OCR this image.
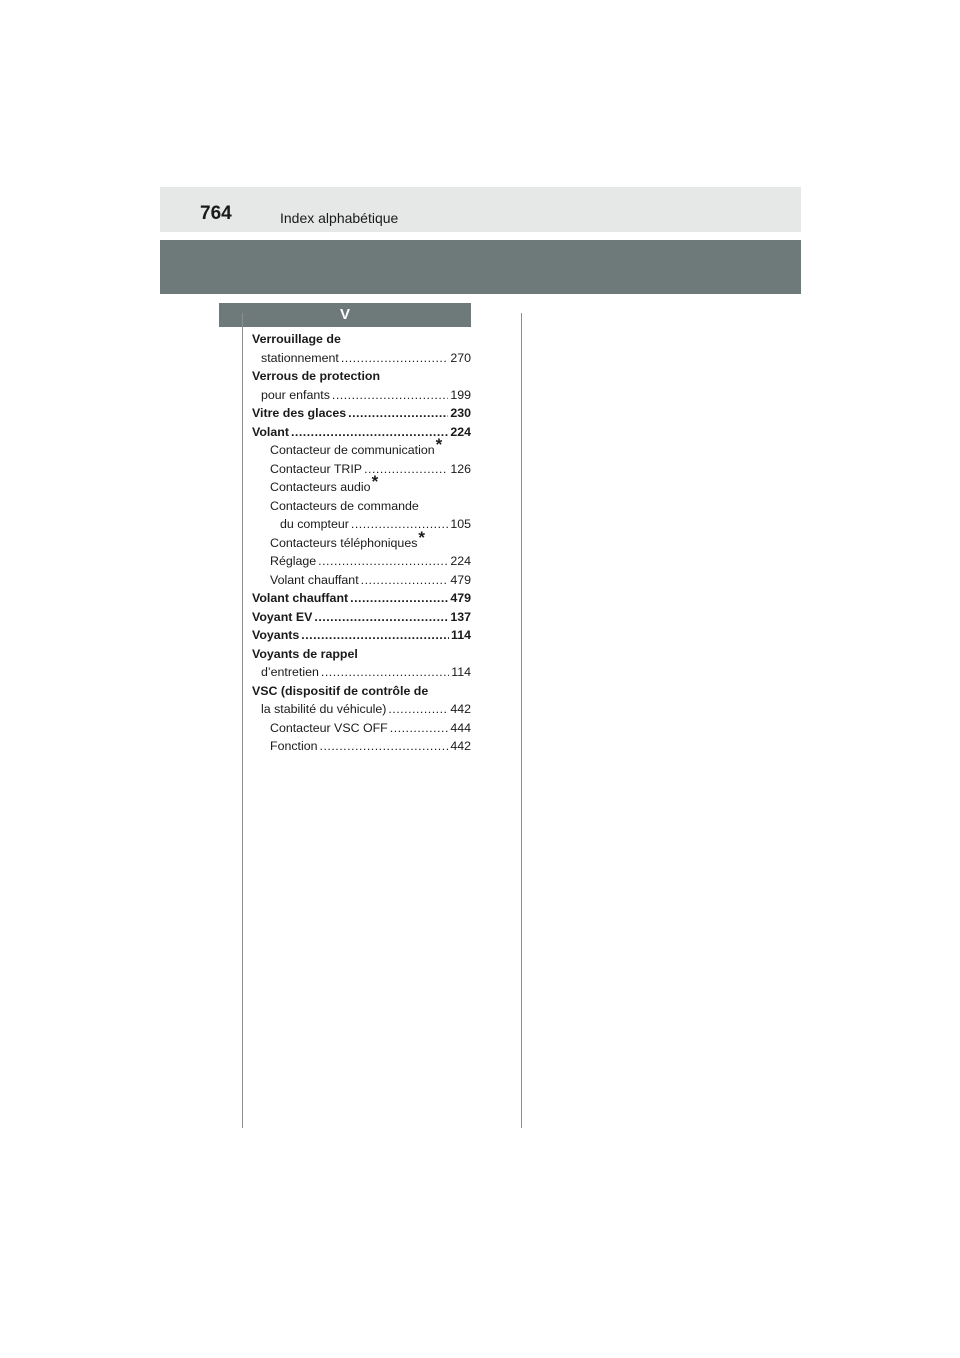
764	Index alphabétique
V
Verrouillage de
stationnement .....	270
Verrous de protection
pour enfants .....	199
Vitre des glaces .....	230
Volant .....	224
Contacteur de communication *
Contacteur TRIP .....	126
Contacteurs audio *
Contacteurs de commande
du compteur .....	105
Contacteurs téléphoniques *
Réglage .....	224
Volant chauffant .....	479
Volant chauffant .....	479
Voyant EV .....	137
Voyants .....	114
Voyants de rappel
d’entretien .....	114
VSC (dispositif de contrôle de
la stabilité du véhicule) .....	442
Contacteur VSC OFF .....	444
Fonction .....	442
